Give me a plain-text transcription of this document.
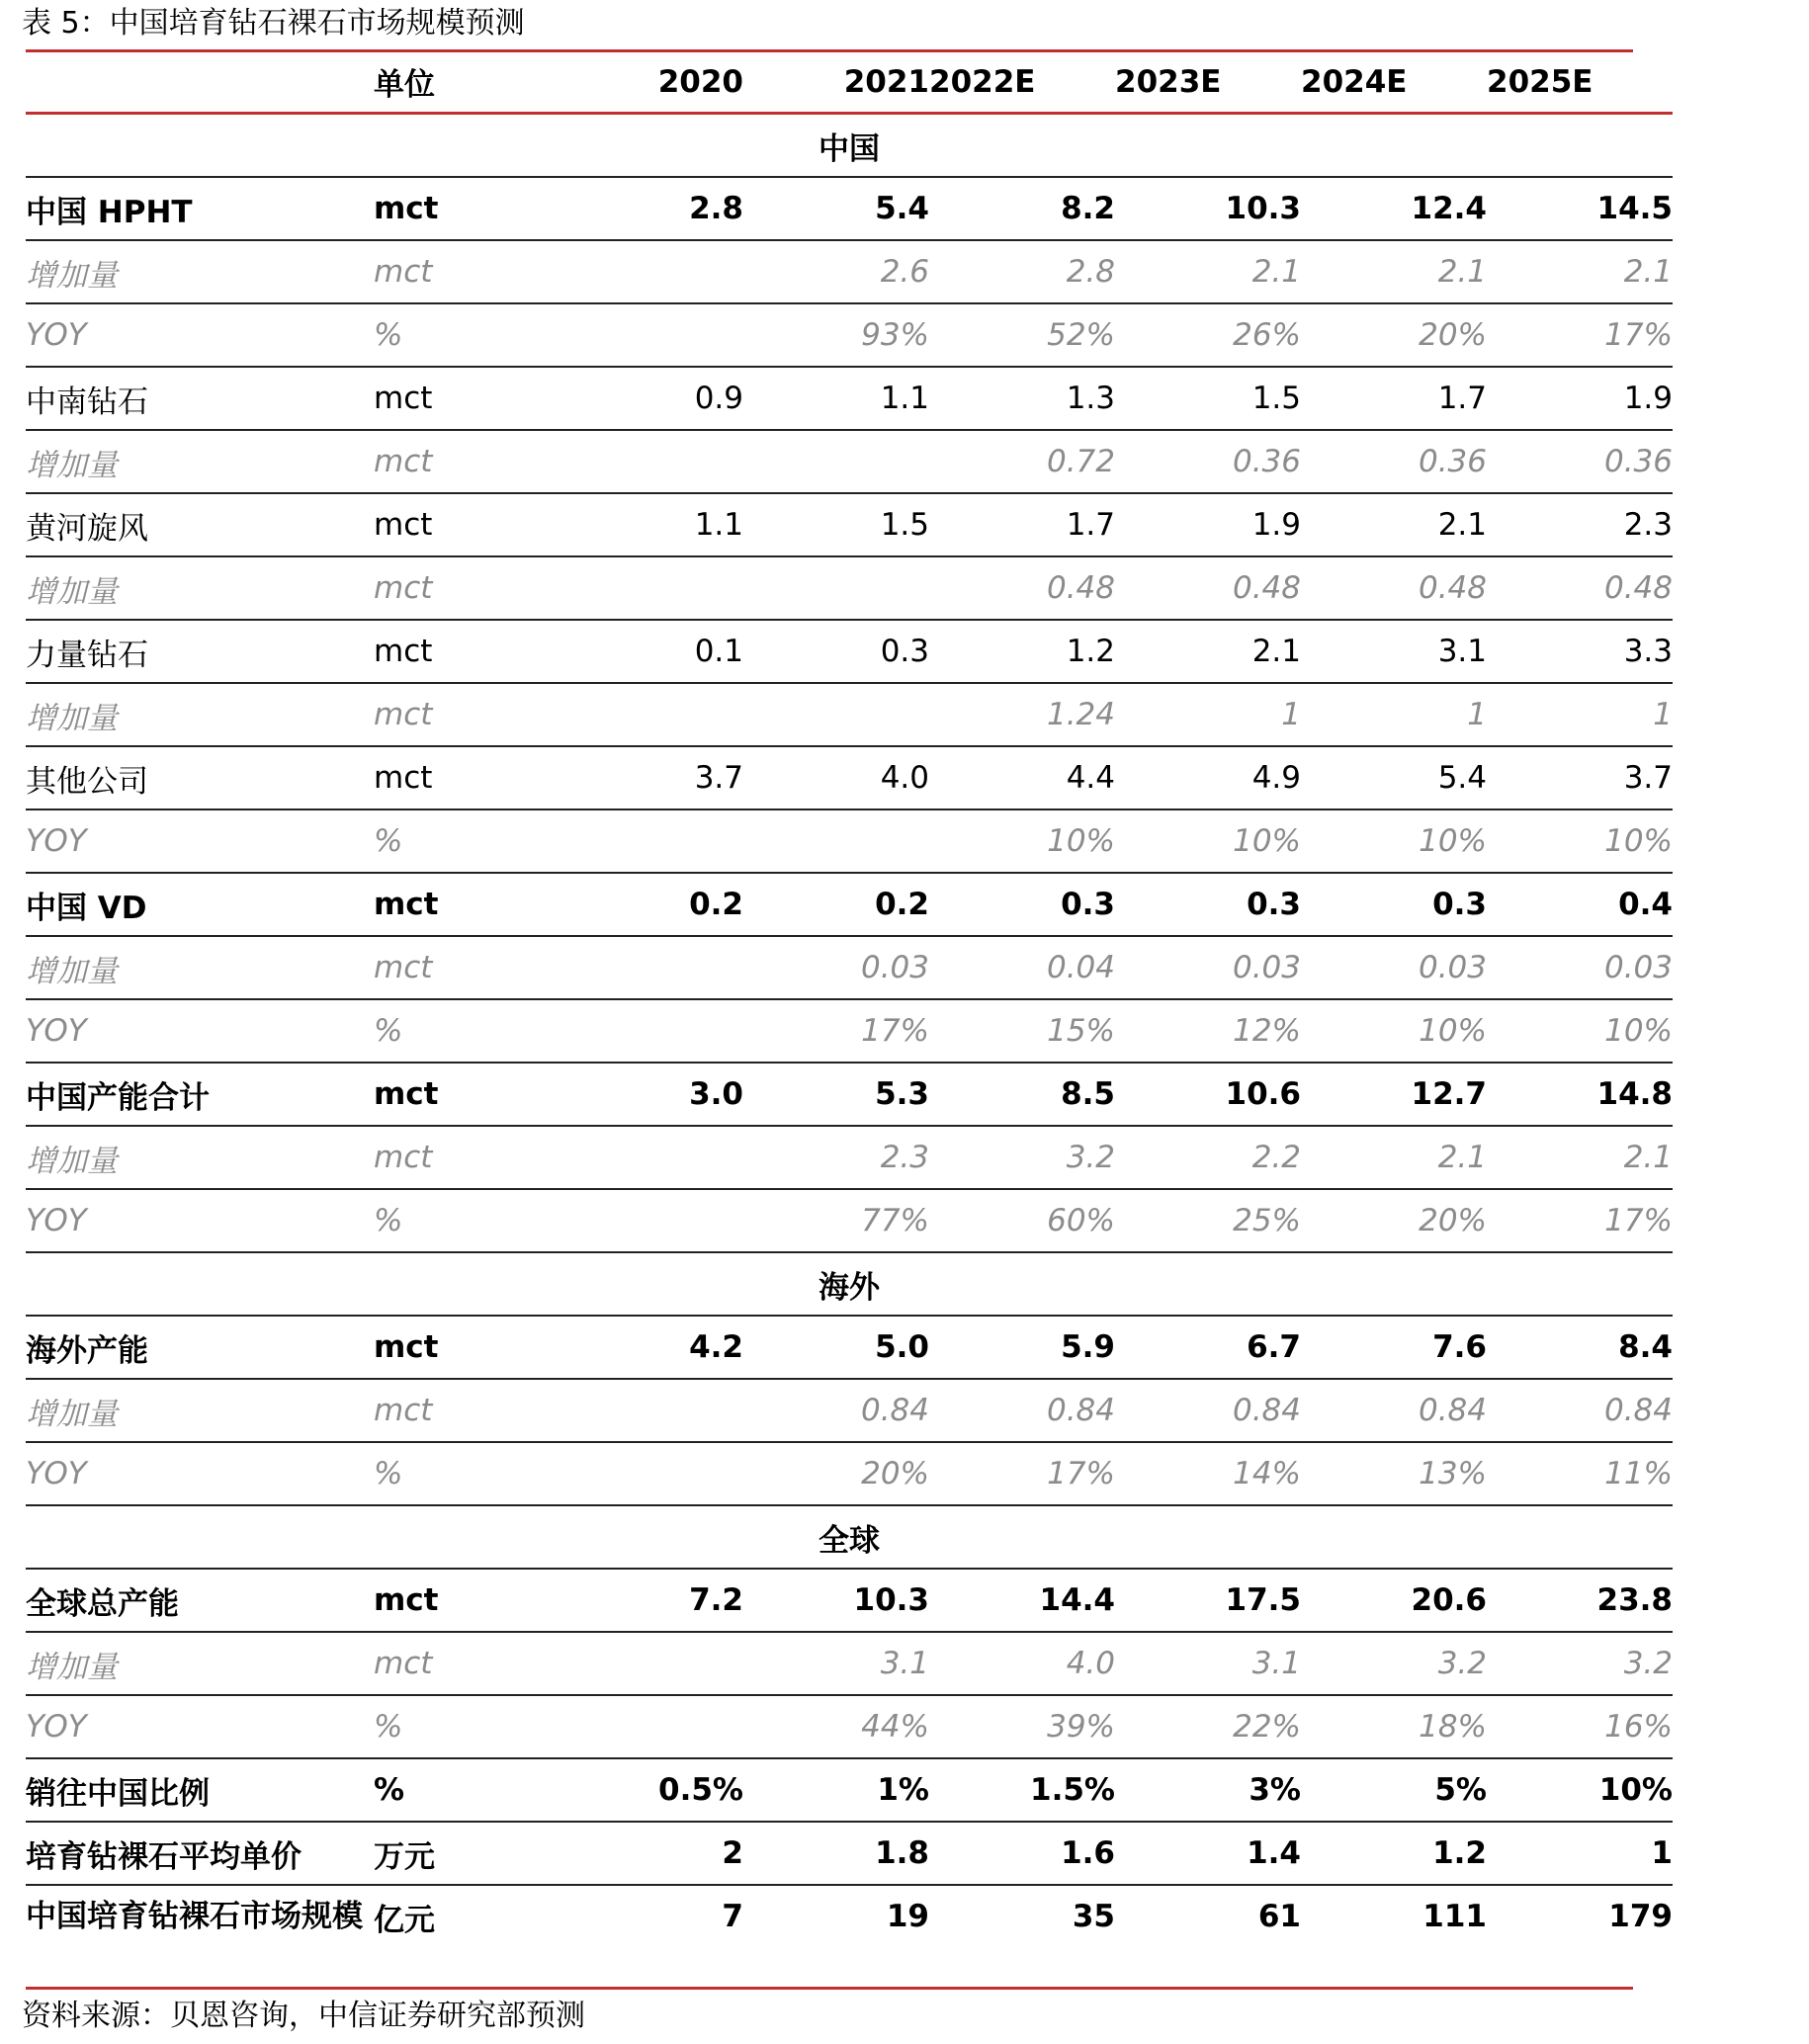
表 5：中国培育钻石裸石市场规模预测
	单位	2020	2021	2022E	2023E	2024E	2025E
中国							
中国 HPHT	mct	2.8	5.4	8.2	10.3	12.4	14.5
增加量	mct		2.6	2.8	2.1	2.1	2.1
YOY	%		93%	52%	26%	20%	17%
中南钻石	mct	0.9	1.1	1.3	1.5	1.7	1.9
增加量	mct			0.72	0.36	0.36	0.36
黄河旋风	mct	1.1	1.5	1.7	1.9	2.1	2.3
增加量	mct			0.48	0.48	0.48	0.48
力量钻石	mct	0.1	0.3	1.2	2.1	3.1	3.3
增加量	mct			1.24	1	1	1
其他公司	mct	3.7	4.0	4.4	4.9	5.4	3.7
YOY	%			10%	10%	10%	10%
中国 VD	mct	0.2	0.2	0.3	0.3	0.3	0.4
增加量	mct		0.03	0.04	0.03	0.03	0.03
YOY	%		17%	15%	12%	10%	10%
中国产能合计	mct	3.0	5.3	8.5	10.6	12.7	14.8
增加量	mct		2.3	3.2	2.2	2.1	2.1
YOY	%		77%	60%	25%	20%	17%
海外							
海外产能	mct	4.2	5.0	5.9	6.7	7.6	8.4
增加量	mct		0.84	0.84	0.84	0.84	0.84
YOY	%		20%	17%	14%	13%	11%
全球							
全球总产能	mct	7.2	10.3	14.4	17.5	20.6	23.8
增加量	mct		3.1	4.0	3.1	3.2	3.2
YOY	%		44%	39%	22%	18%	16%
销往中国比例	%	0.5%	1%	1.5%	3%	5%	10%
培育钻裸石平均单价	万元	2	1.8	1.6	1.4	1.2	1
中国培育钻裸石市场规模	亿元	7	19	35	61	111	179
资料来源：贝恩咨询，中信证券研究部预测
